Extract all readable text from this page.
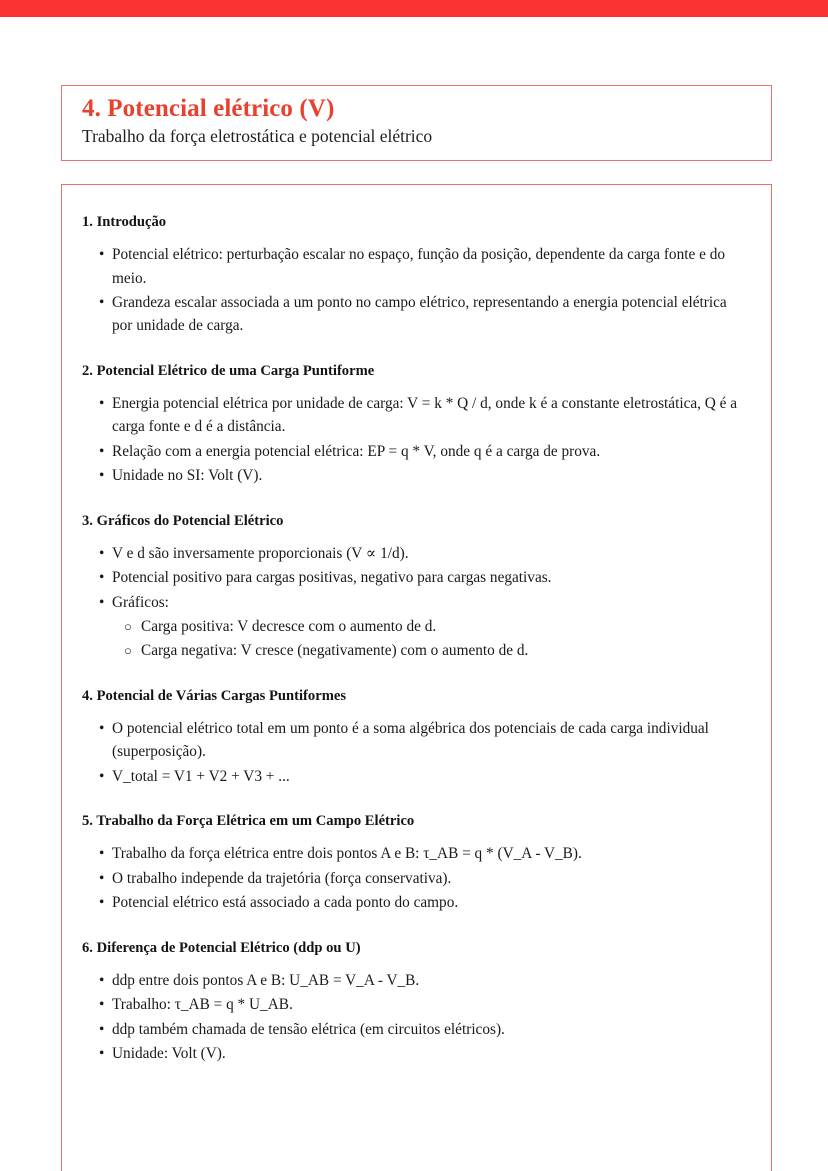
4. Potencial elétrico (V)
Trabalho da força eletrostática e potencial elétrico
1. Introdução
• Potencial elétrico: perturbação escalar no espaço, função da posição, dependente da carga fonte e do meio.
• Grandeza escalar associada a um ponto no campo elétrico, representando a energia potencial elétrica por unidade de carga.
2. Potencial Elétrico de uma Carga Puntiforme
• Energia potencial elétrica por unidade de carga: V = k * Q / d, onde k é a constante eletrostática, Q é a carga fonte e d é a distância.
• Relação com a energia potencial elétrica: EP = q * V, onde q é a carga de prova.
• Unidade no SI: Volt (V).
3. Gráficos do Potencial Elétrico
• V e d são inversamente proporcionais (V ∝ 1/d).
• Potencial positivo para cargas positivas, negativo para cargas negativas.
• Gráficos:
○ Carga positiva: V decresce com o aumento de d.
○ Carga negativa: V cresce (negativamente) com o aumento de d.
4. Potencial de Várias Cargas Puntiformes
• O potencial elétrico total em um ponto é a soma algébrica dos potenciais de cada carga individual (superposição).
• V_total = V1 + V2 + V3 + ...
5. Trabalho da Força Elétrica em um Campo Elétrico
• Trabalho da força elétrica entre dois pontos A e B: τ_AB = q * (V_A - V_B).
• O trabalho independe da trajetória (força conservativa).
• Potencial elétrico está associado a cada ponto do campo.
6. Diferença de Potencial Elétrico (ddp ou U)
• ddp entre dois pontos A e B: U_AB = V_A - V_B.
• Trabalho: τ_AB = q * U_AB.
• ddp também chamada de tensão elétrica (em circuitos elétricos).
• Unidade: Volt (V).
